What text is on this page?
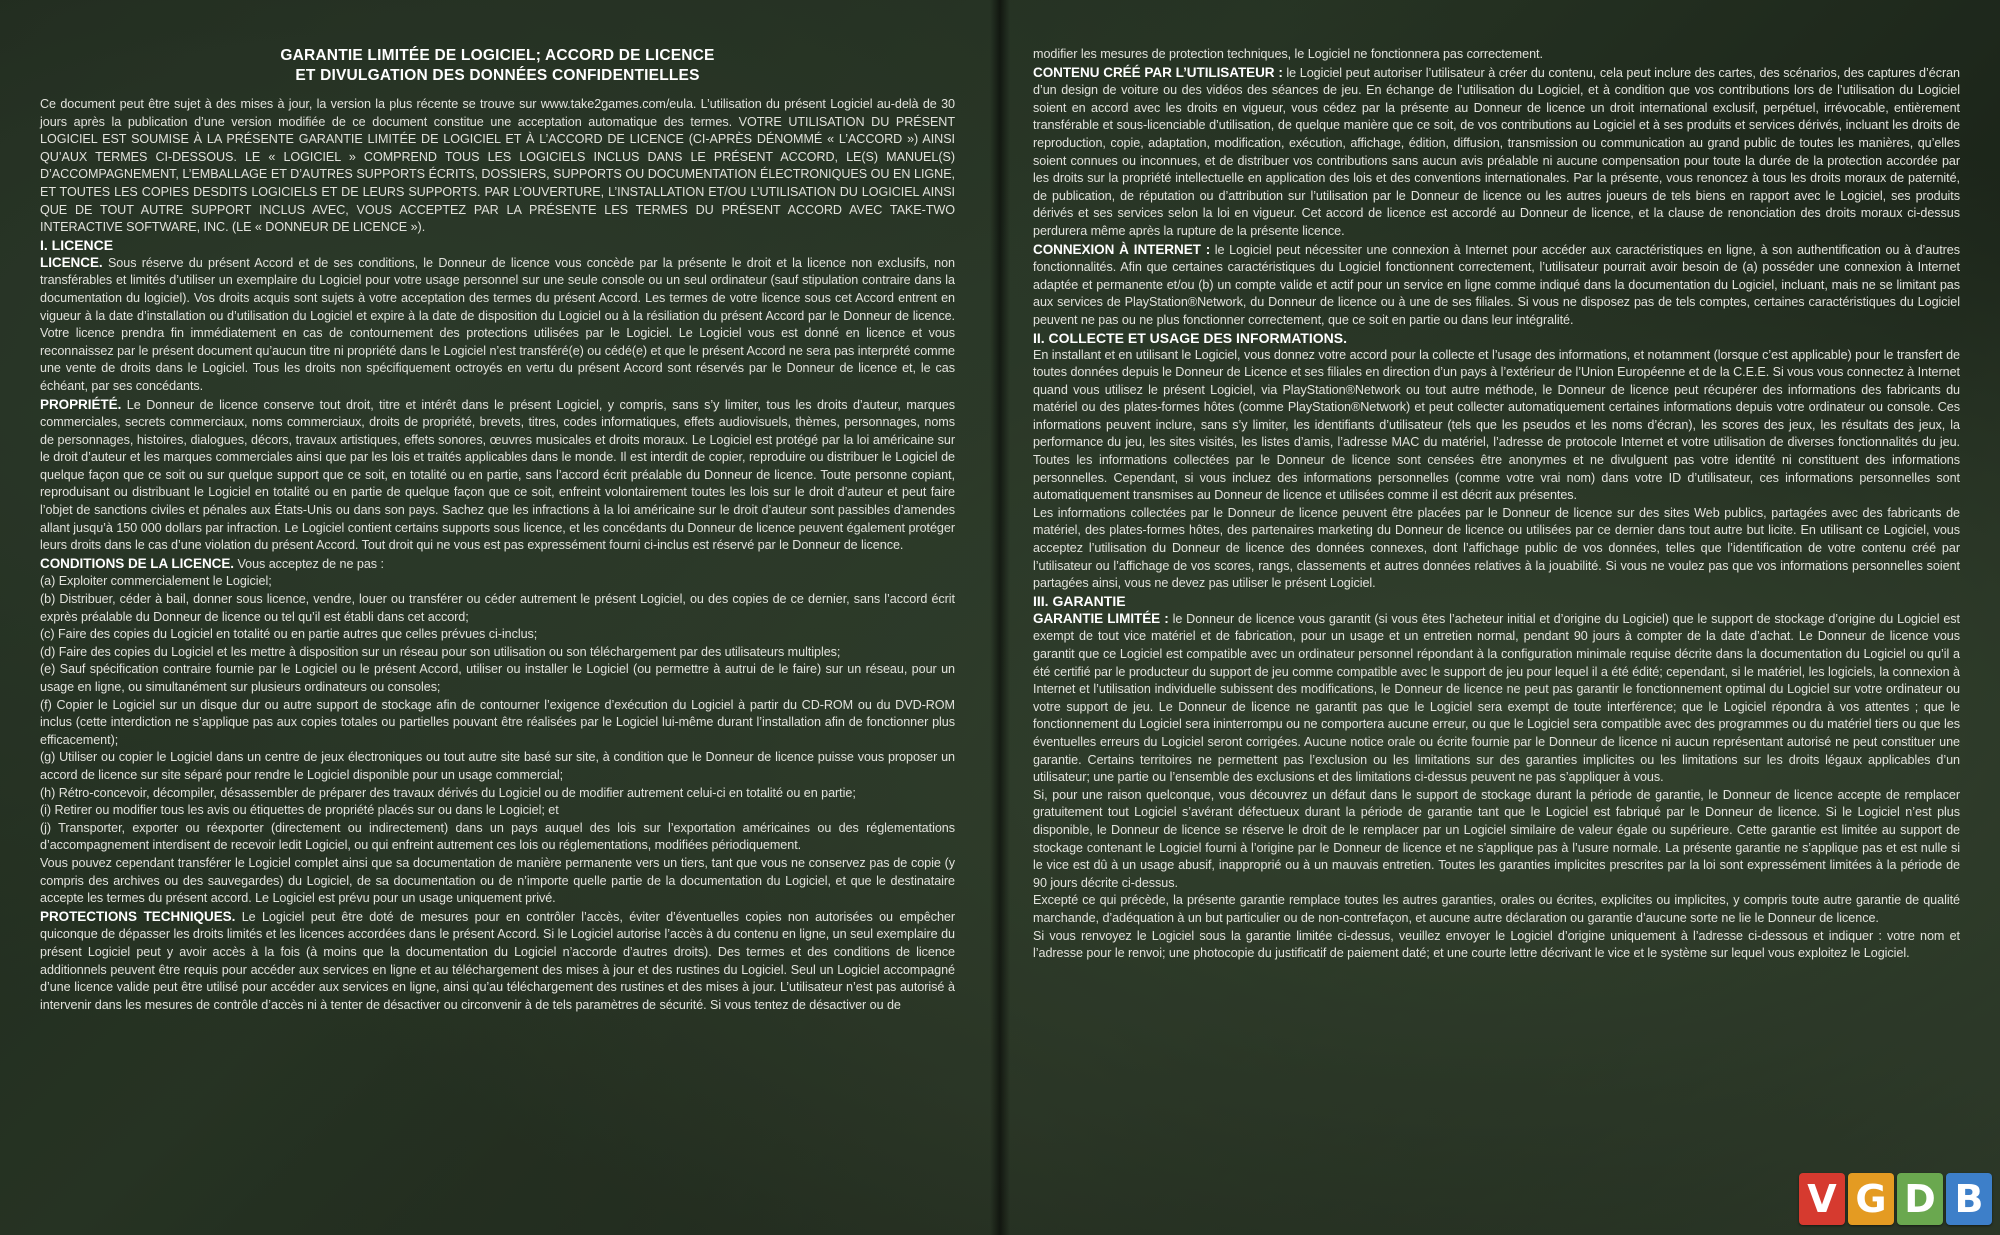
GARANTIE LIMITÉE DE LOGICIEL; ACCORD DE LICENCE
ET DIVULGATION DES DONNÉES CONFIDENTIELLES

Ce document peut être sujet à des mises à jour, la version la plus récente se trouve sur www.take2games.com/eula. L’utilisation du présent Logiciel au-delà de 30 jours après la publication d’une version modifiée de ce document constitue une acceptation automatique des termes. VOTRE UTILISATION DU PRÉSENT LOGICIEL EST SOUMISE À LA PRÉSENTE GARANTIE LIMITÉE DE LOGICIEL ET À L’ACCORD DE LICENCE (CI-APRÈS DÉNOMMÉ « L’ACCORD ») AINSI QU’AUX TERMES CI-DESSOUS. LE « LOGICIEL » COMPREND TOUS LES LOGICIELS INCLUS DANS LE PRÉSENT ACCORD, LE(S) MANUEL(S) D’ACCOMPAGNEMENT, L’EMBALLAGE ET D’AUTRES SUPPORTS ÉCRITS, DOSSIERS, SUPPORTS OU DOCUMENTATION ÉLECTRONIQUES OU EN LIGNE, ET TOUTES LES COPIES DESDITS LOGICIELS ET DE LEURS SUPPORTS. PAR L’OUVERTURE, L’INSTALLATION ET/OU L’UTILISATION DU LOGICIEL AINSI QUE DE TOUT AUTRE SUPPORT INCLUS AVEC, VOUS ACCEPTEZ PAR LA PRÉSENTE LES TERMES DU PRÉSENT ACCORD AVEC TAKE-TWO INTERACTIVE SOFTWARE, INC. (LE « DONNEUR DE LICENCE »).

I. LICENCE

LICENCE. Sous réserve du présent Accord et de ses conditions, le Donneur de licence vous concède par la présente le droit et la licence non exclusifs, non transférables et limités d’utiliser un exemplaire du Logiciel pour votre usage personnel sur une seule console ou un seul ordinateur (sauf stipulation contraire dans la documentation du logiciel). Vos droits acquis sont sujets à votre acceptation des termes du présent Accord. Les termes de votre licence sous cet Accord entrent en vigueur à la date d’installation ou d’utilisation du Logiciel et expire à la date de disposition du Logiciel ou à la résiliation du présent Accord par le Donneur de licence. Votre licence prendra fin immédiatement en cas de contournement des protections utilisées par le Logiciel. Le Logiciel vous est donné en licence et vous reconnaissez par le présent document qu’aucun titre ni propriété dans le Logiciel n’est transféré(e) ou cédé(e) et que le présent Accord ne sera pas interprété comme une vente de droits dans le Logiciel. Tous les droits non spécifiquement octroyés en vertu du présent Accord sont réservés par le Donneur de licence et, le cas échéant, par ses concédants.

PROPRIÉTÉ. Le Donneur de licence conserve tout droit, titre et intérêt dans le présent Logiciel, y compris, sans s’y limiter, tous les droits d’auteur, marques commerciales, secrets commerciaux, noms commerciaux, droits de propriété, brevets, titres, codes informatiques, effets audiovisuels, thèmes, personnages, noms de personnages, histoires, dialogues, décors, travaux artistiques, effets sonores, œuvres musicales et droits moraux. Le Logiciel est protégé par la loi américaine sur le droit d’auteur et les marques commerciales ainsi que par les lois et traités applicables dans le monde. Il est interdit de copier, reproduire ou distribuer le Logiciel de quelque façon que ce soit ou sur quelque support que ce soit, en totalité ou en partie, sans l’accord écrit préalable du Donneur de licence. Toute personne copiant, reproduisant ou distribuant le Logiciel en totalité ou en partie de quelque façon que ce soit, enfreint volontairement toutes les lois sur le droit d’auteur et peut faire l’objet de sanctions civiles et pénales aux États-Unis ou dans son pays. Sachez que les infractions à la loi américaine sur le droit d’auteur sont passibles d’amendes allant jusqu’à 150 000 dollars par infraction. Le Logiciel contient certains supports sous licence, et les concédants du Donneur de licence peuvent également protéger leurs droits dans le cas d’une violation du présent Accord. Tout droit qui ne vous est pas expressément fourni ci-inclus est réservé par le Donneur de licence.

CONDITIONS DE LA LICENCE. Vous acceptez de ne pas :

(a) Exploiter commercialement le Logiciel;

(b) Distribuer, céder à bail, donner sous licence, vendre, louer ou transférer ou céder autrement le présent Logiciel, ou des copies de ce dernier, sans l’accord écrit exprès préalable du Donneur de licence ou tel qu’il est établi dans cet accord;

(c) Faire des copies du Logiciel en totalité ou en partie autres que celles prévues ci-inclus;

(d) Faire des copies du Logiciel et les mettre à disposition sur un réseau pour son utilisation ou son téléchargement par des utilisateurs multiples;

(e) Sauf spécification contraire fournie par le Logiciel ou le présent Accord, utiliser ou installer le Logiciel (ou permettre à autrui de le faire) sur un réseau, pour un usage en ligne, ou simultanément sur plusieurs ordinateurs ou consoles;

(f) Copier le Logiciel sur un disque dur ou autre support de stockage afin de contourner l’exigence d’exécution du Logiciel à partir du CD-ROM ou du DVD-ROM inclus (cette interdiction ne s’applique pas aux copies totales ou partielles pouvant être réalisées par le Logiciel lui-même durant l’installation afin de fonctionner plus efficacement);

(g) Utiliser ou copier le Logiciel dans un centre de jeux électroniques ou tout autre site basé sur site, à condition que le Donneur de licence puisse vous proposer un accord de licence sur site séparé pour rendre le Logiciel disponible pour un usage commercial;

(h) Rétro-concevoir, décompiler, désassembler de préparer des travaux dérivés du Logiciel ou de modifier autrement celui-ci en totalité ou en partie;

(i) Retirer ou modifier tous les avis ou étiquettes de propriété placés sur ou dans le Logiciel; et

(j) Transporter, exporter ou réexporter (directement ou indirectement) dans un pays auquel des lois sur l’exportation américaines ou des réglementations d’accompagnement interdisent de recevoir ledit Logiciel, ou qui enfreint autrement ces lois ou réglementations, modifiées périodiquement.

Vous pouvez cependant transférer le Logiciel complet ainsi que sa documentation de manière permanente vers un tiers, tant que vous ne conservez pas de copie (y compris des archives ou des sauvegardes) du Logiciel, de sa documentation ou de n’importe quelle partie de la documentation du Logiciel, et que le destinataire accepte les termes du présent accord. Le Logiciel est prévu pour un usage uniquement privé.

PROTECTIONS TECHNIQUES. Le Logiciel peut être doté de mesures pour en contrôler l’accès, éviter d’éventuelles copies non autorisées ou empêcher quiconque de dépasser les droits limités et les licences accordées dans le présent Accord. Si le Logiciel autorise l’accès à du contenu en ligne, un seul exemplaire du présent Logiciel peut y avoir accès à la fois (à moins que la documentation du Logiciel n’accorde d’autres droits). Des termes et des conditions de licence additionnels peuvent être requis pour accéder aux services en ligne et au téléchargement des mises à jour et des rustines du Logiciel. Seul un Logiciel accompagné d’une licence valide peut être utilisé pour accéder aux services en ligne, ainsi qu’au téléchargement des rustines et des mises à jour. L’utilisateur n’est pas autorisé à intervenir dans les mesures de contrôle d’accès ni à tenter de désactiver ou circonvenir à de tels paramètres de sécurité. Si vous tentez de désactiver ou de

modifier les mesures de protection techniques, le Logiciel ne fonctionnera pas correctement.

CONTENU CRÉÉ PAR L’UTILISATEUR : le Logiciel peut autoriser l’utilisateur à créer du contenu, cela peut inclure des cartes, des scénarios, des captures d’écran d’un design de voiture ou des vidéos des séances de jeu. En échange de l’utilisation du Logiciel, et à condition que vos contributions lors de l’utilisation du Logiciel soient en accord avec les droits en vigueur, vous cédez par la présente au Donneur de licence un droit international exclusif, perpétuel, irrévocable, entièrement transférable et sous-licenciable d’utilisation, de quelque manière que ce soit, de vos contributions au Logiciel et à ses produits et services dérivés, incluant les droits de reproduction, copie, adaptation, modification, exécution, affichage, édition, diffusion, transmission ou communication au grand public de toutes les manières, qu’elles soient connues ou inconnues, et de distribuer vos contributions sans aucun avis préalable ni aucune compensation pour toute la durée de la protection accordée par les droits sur la propriété intellectuelle en application des lois et des conventions internationales. Par la présente, vous renoncez à tous les droits moraux de paternité, de publication, de réputation ou d’attribution sur l’utilisation par le Donneur de licence ou les autres joueurs de tels biens en rapport avec le Logiciel, ses produits dérivés et ses services selon la loi en vigueur. Cet accord de licence est accordé au Donneur de licence, et la clause de renonciation des droits moraux ci-dessus perdurera même après la rupture de la présente licence.

CONNEXION À INTERNET : le Logiciel peut nécessiter une connexion à Internet pour accéder aux caractéristiques en ligne, à son authentification ou à d’autres fonctionnalités. Afin que certaines caractéristiques du Logiciel fonctionnent correctement, l’utilisateur pourrait avoir besoin de (a) posséder une connexion à Internet adaptée et permanente et/ou (b) un compte valide et actif pour un service en ligne comme indiqué dans la documentation du Logiciel, incluant, mais ne se limitant pas aux services de PlayStation®Network, du Donneur de licence ou à une de ses filiales. Si vous ne disposez pas de tels comptes, certaines caractéristiques du Logiciel peuvent ne pas ou ne plus fonctionner correctement, que ce soit en partie ou dans leur intégralité.

II. COLLECTE ET USAGE DES INFORMATIONS.

En installant et en utilisant le Logiciel, vous donnez votre accord pour la collecte et l’usage des informations, et notamment (lorsque c’est applicable) pour le transfert de toutes données depuis le Donneur de Licence et ses filiales en direction d’un pays à l’extérieur de l’Union Européenne et de la C.E.E. Si vous vous connectez à Internet quand vous utilisez le présent Logiciel, via PlayStation®Network ou tout autre méthode, le Donneur de licence peut récupérer des informations des fabricants du matériel ou des plates-formes hôtes (comme PlayStation®Network) et peut collecter automatiquement certaines informations depuis votre ordinateur ou console. Ces informations peuvent inclure, sans s’y limiter, les identifiants d’utilisateur (tels que les pseudos et les noms d’écran), les scores des jeux, les résultats des jeux, la performance du jeu, les sites visités, les listes d’amis, l’adresse MAC du matériel, l’adresse de protocole Internet et votre utilisation de diverses fonctionnalités du jeu. Toutes les informations collectées par le Donneur de licence sont censées être anonymes et ne divulguent pas votre identité ni constituent des informations personnelles. Cependant, si vous incluez des informations personnelles (comme votre vrai nom) dans votre ID d’utilisateur, ces informations personnelles sont automatiquement transmises au Donneur de licence et utilisées comme il est décrit aux présentes.

Les informations collectées par le Donneur de licence peuvent être placées par le Donneur de licence sur des sites Web publics, partagées avec des fabricants de matériel, des plates-formes hôtes, des partenaires marketing du Donneur de licence ou utilisées par ce dernier dans tout autre but licite. En utilisant ce Logiciel, vous acceptez l’utilisation du Donneur de licence des données connexes, dont l’affichage public de vos données, telles que l’identification de votre contenu créé par l’utilisateur ou l’affichage de vos scores, rangs, classements et autres données relatives à la jouabilité. Si vous ne voulez pas que vos informations personnelles soient partagées ainsi, vous ne devez pas utiliser le présent Logiciel.

III. GARANTIE

GARANTIE LIMITÉE : le Donneur de licence vous garantit (si vous êtes l’acheteur initial et d’origine du Logiciel) que le support de stockage d’origine du Logiciel est exempt de tout vice matériel et de fabrication, pour un usage et un entretien normal, pendant 90 jours à compter de la date d’achat. Le Donneur de licence vous garantit que ce Logiciel est compatible avec un ordinateur personnel répondant à la configuration minimale requise décrite dans la documentation du Logiciel ou qu’il a été certifié par le producteur du support de jeu comme compatible avec le support de jeu pour lequel il a été édité; cependant, si le matériel, les logiciels, la connexion à Internet et l’utilisation individuelle subissent des modifications, le Donneur de licence ne peut pas garantir le fonctionnement optimal du Logiciel sur votre ordinateur ou votre support de jeu. Le Donneur de licence ne garantit pas que le Logiciel sera exempt de toute interférence; que le Logiciel répondra à vos attentes ; que le fonctionnement du Logiciel sera ininterrompu ou ne comportera aucune erreur, ou que le Logiciel sera compatible avec des programmes ou du matériel tiers ou que les éventuelles erreurs du Logiciel seront corrigées. Aucune notice orale ou écrite fournie par le Donneur de licence ni aucun représentant autorisé ne peut constituer une garantie. Certains territoires ne permettent pas l’exclusion ou les limitations sur des garanties implicites ou les limitations sur les droits légaux applicables d’un utilisateur; une partie ou l’ensemble des exclusions et des limitations ci-dessus peuvent ne pas s’appliquer à vous.

Si, pour une raison quelconque, vous découvrez un défaut dans le support de stockage durant la période de garantie, le Donneur de licence accepte de remplacer gratuitement tout Logiciel s’avérant défectueux durant la période de garantie tant que le Logiciel est fabriqué par le Donneur de licence. Si le Logiciel n’est plus disponible, le Donneur de licence se réserve le droit de le remplacer par un Logiciel similaire de valeur égale ou supérieure. Cette garantie est limitée au support de stockage contenant le Logiciel fourni à l’origine par le Donneur de licence et ne s’applique pas à l’usure normale. La présente garantie ne s’applique pas et est nulle si le vice est dû à un usage abusif, inapproprié ou à un mauvais entretien. Toutes les garanties implicites prescrites par la loi sont expressément limitées à la période de 90 jours décrite ci-dessus.

Excepté ce qui précède, la présente garantie remplace toutes les autres garanties, orales ou écrites, explicites ou implicites, y compris toute autre garantie de qualité marchande, d’adéquation à un but particulier ou de non-contrefaçon, et aucune autre déclaration ou garantie d’aucune sorte ne lie le Donneur de licence.

Si vous renvoyez le Logiciel sous la garantie limitée ci-dessus, veuillez envoyer le Logiciel d’origine uniquement à l’adresse ci-dessous et indiquer : votre nom et l’adresse pour le renvoi; une photocopie du justificatif de paiement daté; et une courte lettre décrivant le vice et le système sur lequel vous exploitez le Logiciel.

V G D B
